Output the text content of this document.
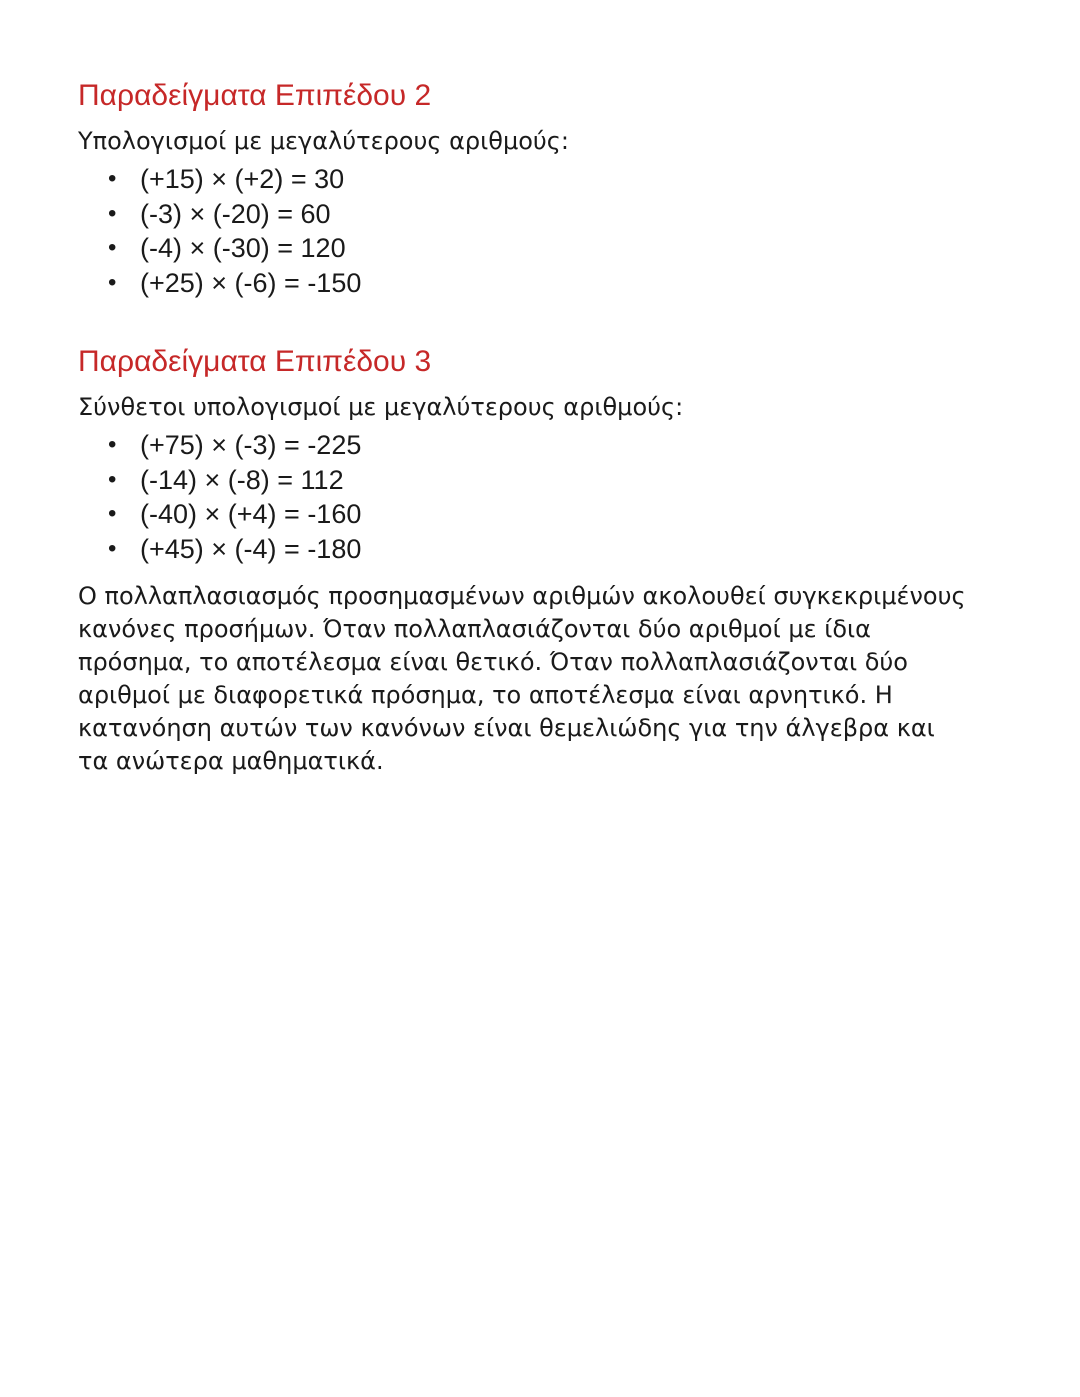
Παραδείγματα Επιπέδου 2

Υπολογισμοί με μεγαλύτερους αριθμούς:

• (+15) × (+2) = 30
• (-3) × (-20) = 60
• (-4) × (-30) = 120
• (+25) × (-6) = -150
Παραδείγματα Επιπέδου 3

Σύνθετοι υπολογισμοί με μεγαλύτερους αριθμούς:

• (+75) × (-3) = -225
• (-14) × (-8) = 112
• (-40) × (+4) = -160
• (+45) × (-4) = -180

Ο πολλαπλασιασμός προσημασμένων αριθμών ακολουθεί συγκεκριμένους κανόνες προσήμων. Όταν πολλαπλασιάζονται δύο αριθμοί με ίδια πρόσημα, το αποτέλεσμα είναι θετικό. Όταν πολλαπλασιάζονται δύο αριθμοί με διαφορετικά πρόσημα, το αποτέλεσμα είναι αρνητικό. Η κατανόηση αυτών των κανόνων είναι θεμελιώδης για την άλγεβρα και τα ανώτερα μαθηματικά.
